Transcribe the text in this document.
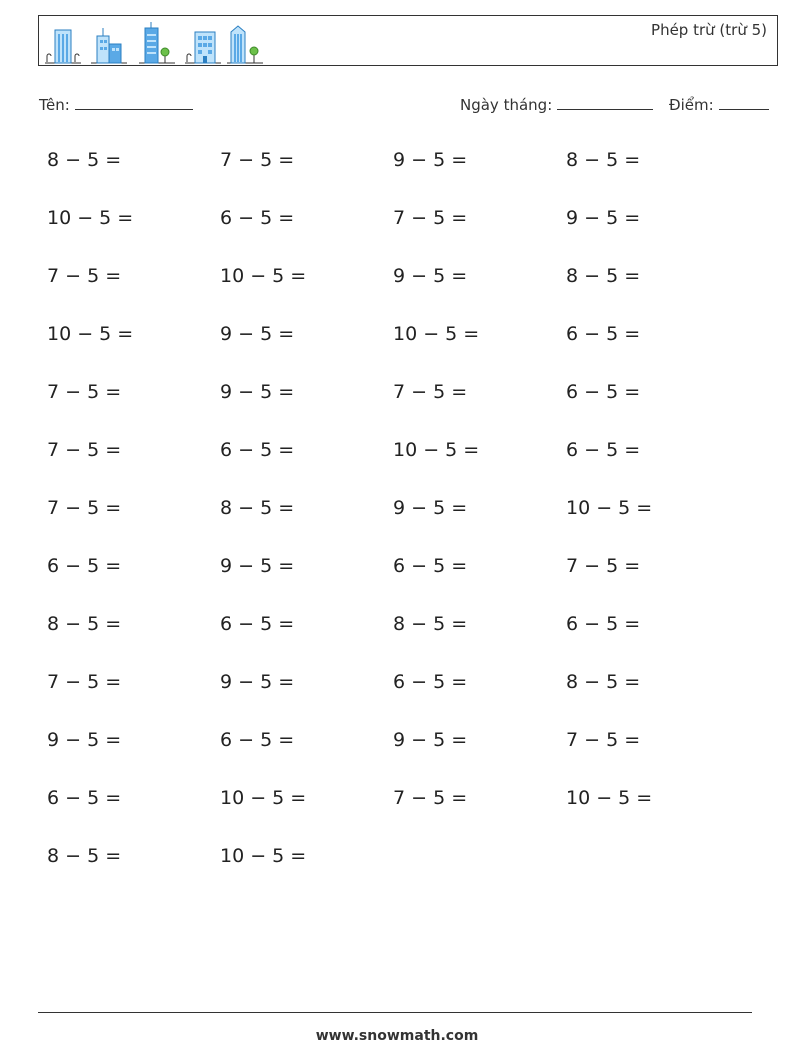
Phép trừ (trừ 5)
Tên:	Ngày tháng:	Điểm:
8 − 5 =	7 − 5 =	9 − 5 =	8 − 5 =
10 − 5 =	6 − 5 =	7 − 5 =	9 − 5 =
7 − 5 =	10 − 5 =	9 − 5 =	8 − 5 =
10 − 5 =	9 − 5 =	10 − 5 =	6 − 5 =
7 − 5 =	9 − 5 =	7 − 5 =	6 − 5 =
7 − 5 =	6 − 5 =	10 − 5 =	6 − 5 =
7 − 5 =	8 − 5 =	9 − 5 =	10 − 5 =
6 − 5 =	9 − 5 =	6 − 5 =	7 − 5 =
8 − 5 =	6 − 5 =	8 − 5 =	6 − 5 =
7 − 5 =	9 − 5 =	6 − 5 =	8 − 5 =
9 − 5 =	6 − 5 =	9 − 5 =	7 − 5 =
6 − 5 =	10 − 5 =	7 − 5 =	10 − 5 =
8 − 5 =	10 − 5 =
www.snowmath.com
